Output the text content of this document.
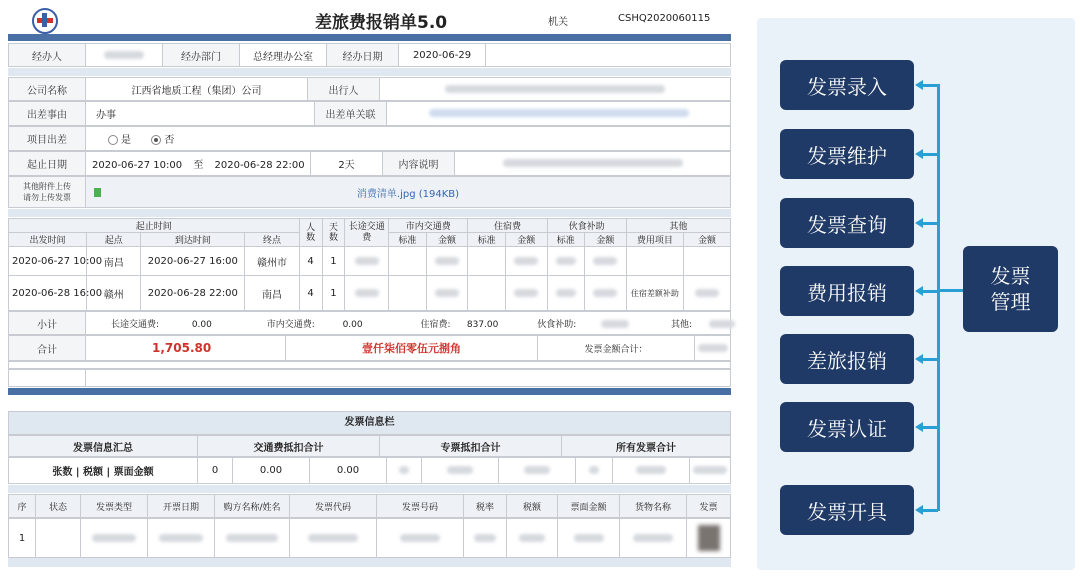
差旅费报销单5.0	机关	CSHQ2020060115
经办人		经办部门	总经理办公室	经办日期	2020-06-29	
公司名称	江西省地质工程（集团）公司	出行人	
出差事由	办事	出差单关联	
项目出差	是	否
起止日期	2020-06-27 10:00 至 2020-06-28 22:00	2天	内容说明	
其他附件上传
请勿上传发票	消费清单.jpg (194KB)
起止时间				人数	天数	长途交通费	市内交通费		住宿费		伙食补助		其他	
出发时间	起点	到达时间	终点				标准	金额	标准	金额	标准	金额	费用项目	金额
2020-06-27 10:00	南昌	2020-06-27 16:00	赣州市	4	1									
2020-06-28 16:00	赣州	2020-06-28 22:00	南昌	4	1								住宿差额补助	
小计	长途交通费:	0.00	市内交通费:	0.00	住宿费: 837.00	伙食补助:	其他:
合计	1,705.80	壹仟柒佰零伍元捌角	发票金额合计：	

发票信息栏
发票信息汇总	交通费抵扣合计	专票抵扣合计	所有发票合计
张数 | 税额 | 票面金额	0	0.00	0.00						
序	状态	发票类型	开票日期	购方名称/姓名	发票代码	发票号码	税率	税额	票面金额	货物名称	发票
1											
发票录入
发票维护
发票查询
费用报销
差旅报销
发票认证
发票开具
发票
管理
